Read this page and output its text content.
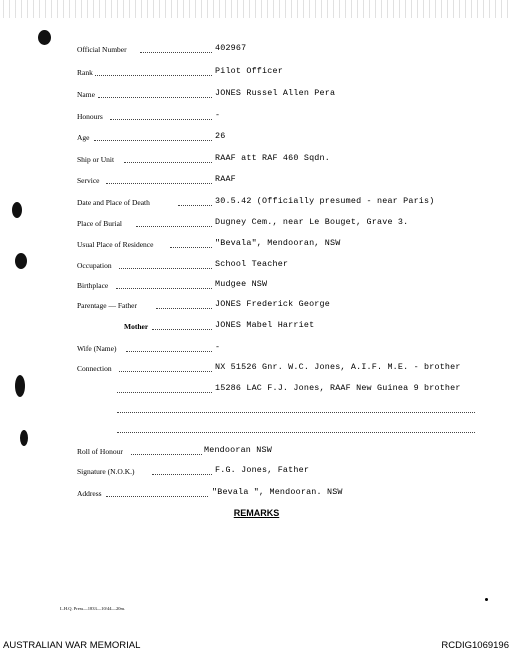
Official Number	402967
Rank	Pilot Officer
Name	JONES Russel Allen Pera
Honours	-
Age	26
Ship or Unit	RAAF att RAF 460 Sqdn.
Service	RAAF
Date and Place of Death	30.5.42 (Officially presumed - near Paris)
Place of Burial	Dugney Cem., near Le Bouget, Grave 3.
Usual Place of Residence	"Bevala", Mendooran, NSW
Occupation	School Teacher
Birthplace	Mudgee NSW
Parentage — Father	JONES Frederick George
Mother	JONES Mabel Harriet
Wife (Name)	-
Connection	NX 51526 Gnr. W.C. Jones, A.I.F. M.E. - brother
15286 LAC F.J. Jones, RAAF New Guinea 9 brother
Roll of Honour	Mendooran NSW
Signature (N.O.K.)	F.G. Jones, Father
Address	"Bevala ", Mendooran. NSW
REMARKS
L.H.Q. Press—1833—10/44—20m.
AUSTRALIAN WAR MEMORIAL	RCDIG1069196
